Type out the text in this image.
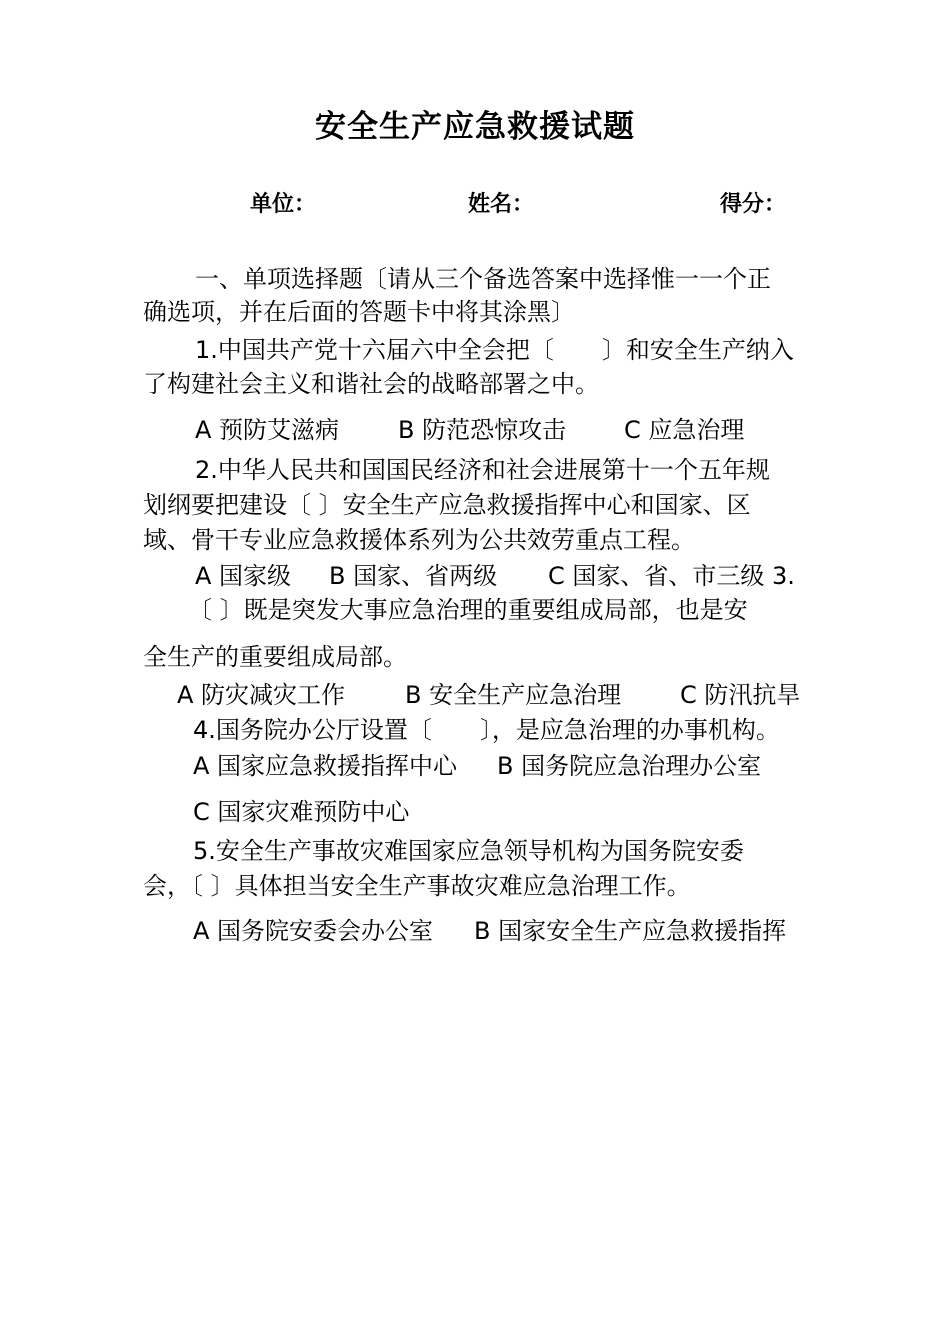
安全生产应急救援试题
单位：	姓名：	得分：
一、单项选择题〔请从三个备选答案中选择惟一一个正
确选项，并在后面的答题卡中将其涂黑〕
1.中国共产党十六届六中全会把〔　　〕和安全生产纳入
了构建社会主义和谐社会的战略部署之中。
A 预防艾滋病 B 防范恐惊攻击 C 应急治理
2.中华人民共和国国民经济和社会进展第十一个五年规
划纲要把建设〔 〕安全生产应急救援指挥中心和国家、区
域、骨干专业应急救援体系列为公共效劳重点工程。
A 国家级 B 国家、省两级 C 国家、省、市三级 3.
〔 〕既是突发大事应急治理的重要组成局部，也是安
全生产的重要组成局部。
A 防灾减灾工作 B 安全生产应急治理 C 防汛抗旱
4.国务院办公厅设置〔　　〕，是应急治理的办事机构。
A 国家应急救援指挥中心 B 国务院应急治理办公室
C 国家灾难预防中心
5.安全生产事故灾难国家应急领导机构为国务院安委
会，〔 〕具体担当安全生产事故灾难应急治理工作。
A 国务院安委会办公室 B 国家安全生产应急救援指挥
